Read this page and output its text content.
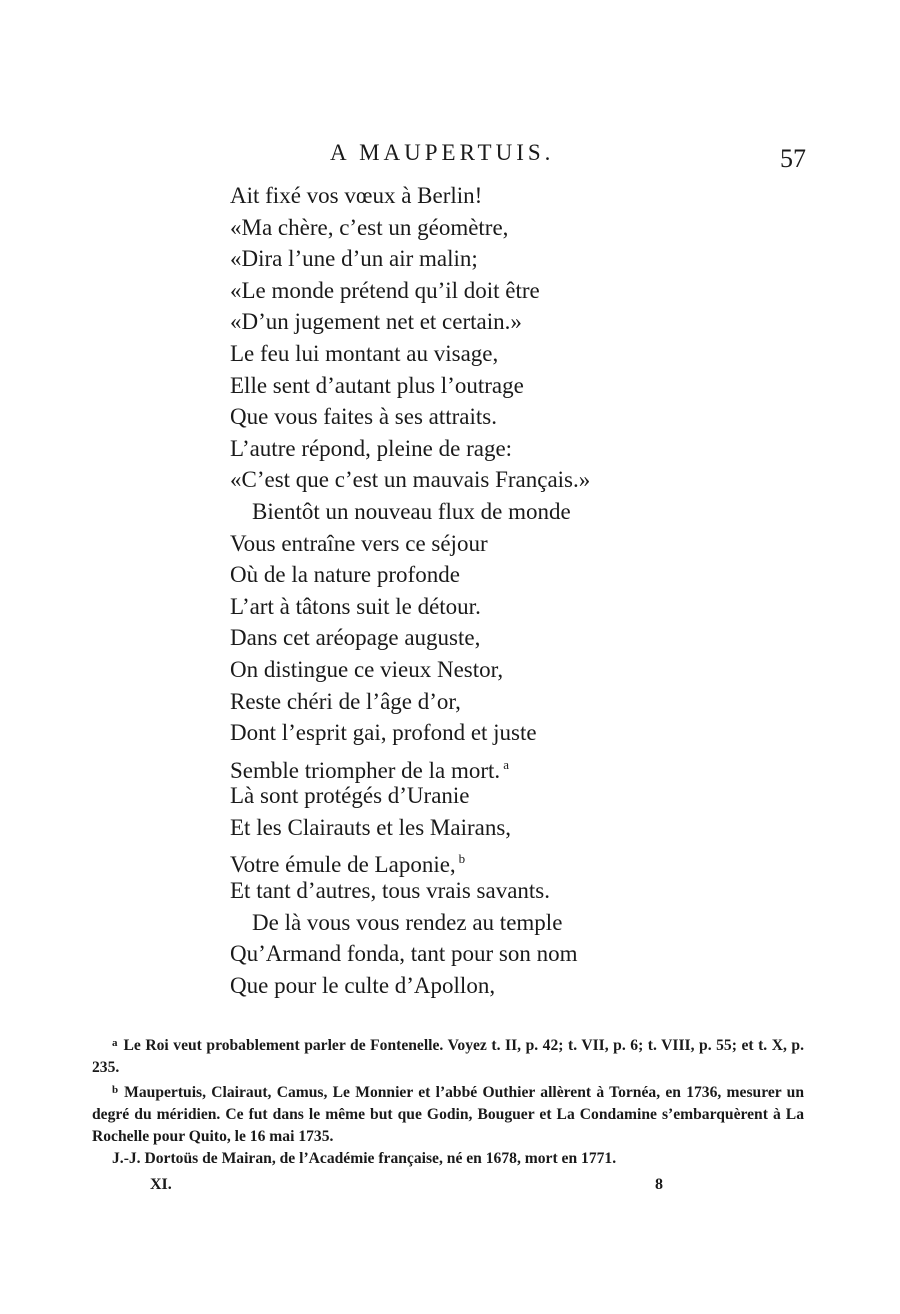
A MAUPERTUIS.	57
Ait fixé vos vœux à Berlin!
«Ma chère, c’est un géomètre,
«Dira l’une d’un air malin;
«Le monde prétend qu’il doit être
«D’un jugement net et certain.»
Le feu lui montant au visage,
Elle sent d’autant plus l’outrage
Que vous faites à ses attraits.
L’autre répond, pleine de rage:
«C’est que c’est un mauvais Français.»
Bientôt un nouveau flux de monde
Vous entraîne vers ce séjour
Où de la nature profonde
L’art à tâtons suit le détour.
Dans cet aréopage auguste,
On distingue ce vieux Nestor,
Reste chéri de l’âge d’or,
Dont l’esprit gai, profond et juste
Semble triompher de la mort. $^a$
Là sont protégés d’Uranie
Et les Clairauts et les Mairans,
Votre émule de Laponie, $^b$
Et tant d’autres, tous vrais savants.
De là vous vous rendez au temple
Qu’Armand fonda, tant pour son nom
Que pour le culte d’Apollon,

$^a$ Le Roi veut probablement parler de Fontenelle. Voyez t. II, p. 42; t. VII, p. 6; t. VIII, p. 55; et t. X, p. 235.

$^b$ Maupertuis, Clairaut, Camus, Le Monnier et l’abbé Outhier allèrent à Tornéa, en 1736, mesurer un degré du méridien. Ce fut dans le même but que Godin, Bouguer et La Condamine s’embarquèrent à La Rochelle pour Quito, le 16 mai 1735.

J.-J. Dortoüs de Mairan, de l’Académie française, né en 1678, mort en 1771.

XI.	8
